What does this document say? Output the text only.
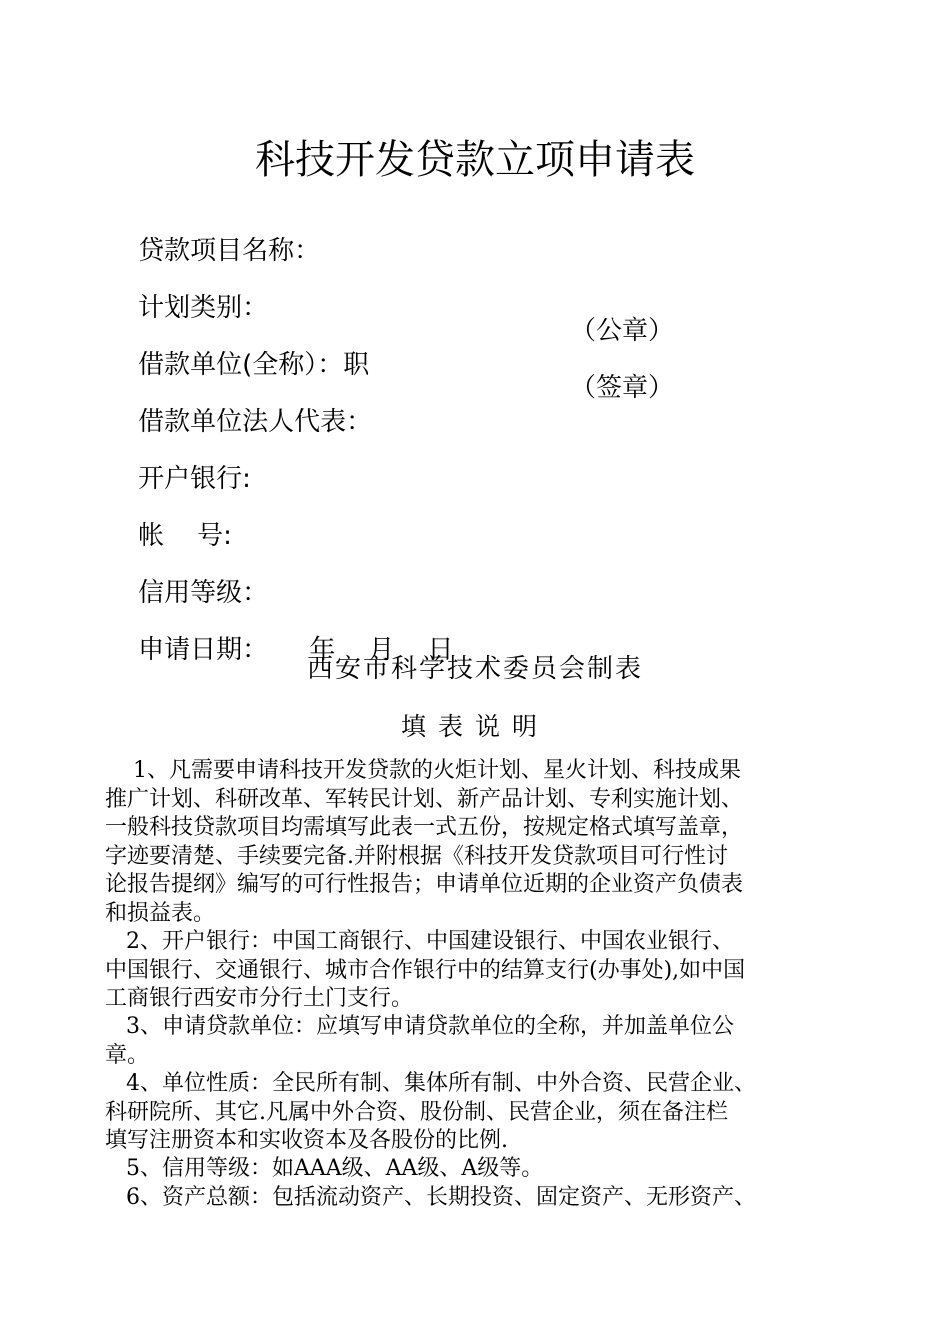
科技开发贷款立项申请表

贷款项目名称：

计划类别：

借款单位(全称）：职

（公章）

借款单位法人代表：

（签章）

开户银行:

帐    号:

信用等级：

申请日期：     年    月    日

西安市科学技术委员会制表
填表说明
1、凡需要申请科技开发贷款的火炬计划、星火计划、科技成果
推广计划、科研改革、军转民计划、新产品计划、专利实施计划、
一般科技贷款项目均需填写此表一式五份，按规定格式填写盖章，
字迹要清楚、手续要完备.并附根据《科技开发贷款项目可行性讨
论报告提纲》编写的可行性报告；申请单位近期的企业资产负债表
和损益表。
2、开户银行：中国工商银行、中国建设银行、中国农业银行、
中国银行、交通银行、城市合作银行中的结算支行(办事处),如中国
工商银行西安市分行土门支行。
3、申请贷款单位：应填写申请贷款单位的全称，并加盖单位公
章。
4、单位性质：全民所有制、集体所有制、中外合资、民营企业、
科研院所、其它.凡属中外合资、股份制、民营企业，须在备注栏
填写注册资本和实收资本及各股份的比例.
5、信用等级：如AAA级、AA级、A级等。
6、资产总额：包括流动资产、长期投资、固定资产、无形资产、
